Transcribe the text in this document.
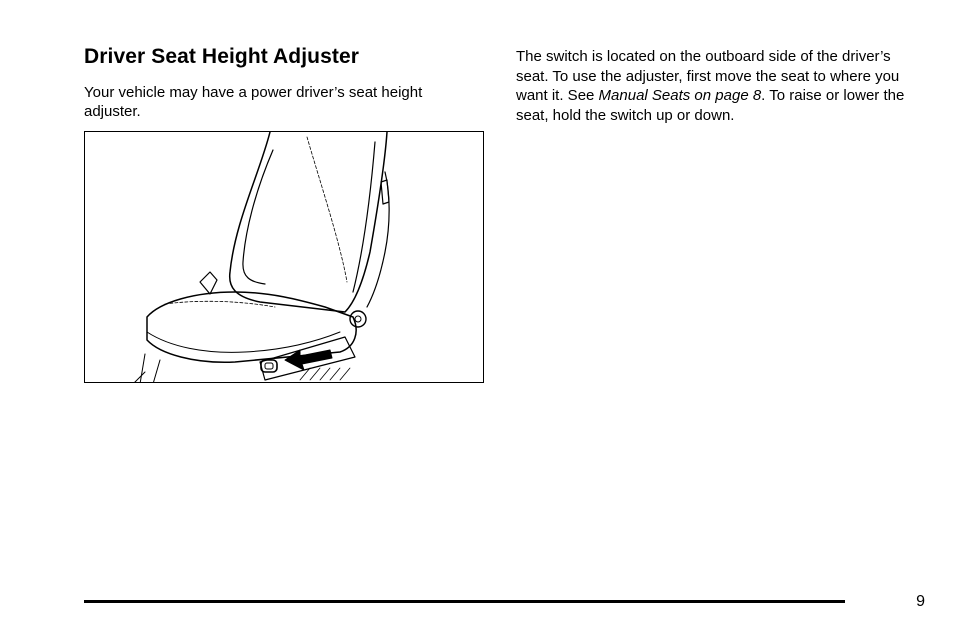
Driver Seat Height Adjuster

Your vehicle may have a power driver’s seat height adjuster.

The switch is located on the outboard side of the driver’s seat. To use the adjuster, first move the seat to where you want it. See Manual Seats on page 8. To raise or lower the seat, hold the switch up or down.

9
